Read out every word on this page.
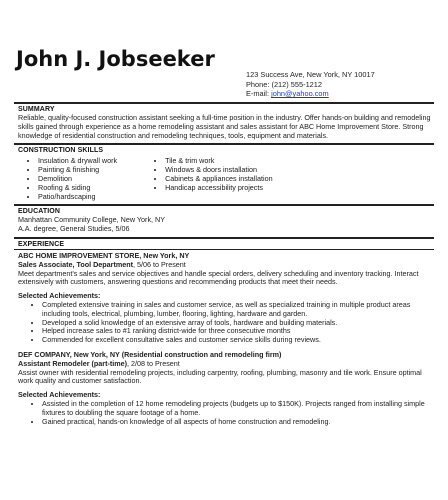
John J. Jobseeker
123 Success Ave, New York, NY 10017
Phone: (212) 555-1212
E-mail: john@yahoo.com
SUMMARY

Reliable, quality-focused construction assistant seeking a full-time position in the industry. Offer hands-on building and remodeling skills gained through experience as a home remodeling assistant and sales assistant for ABC Home Improvement Store. Strong knowledge of residential construction and remodeling techniques, tools, equipment and materials.

CONSTRUCTION SKILLS
• Insulation & drywall work
• Painting & finishing
• Demolition
• Roofing & siding
• Patio/hardscaping
• Tile & trim work
• Windows & doors installation
• Cabinets & appliances installation
• Handicap accessibility projects
EDUCATION
Manhattan Community College, New York, NY
A.A. degree, General Studies, 5/06
EXPERIENCE
ABC HOME IMPROVEMENT STORE, New York, NY
Sales Associate, Tool Department, 5/06 to Present

Meet department's sales and service objectives and handle special orders, delivery scheduling and inventory tracking. Interact extensively with customers, answering questions and recommending products that meet their needs.

Selected Achievements:
• Completed extensive training in sales and customer service, as well as specialized training in multiple product areas including tools, electrical, plumbing, lumber, flooring, lighting, hardware and garden.
• Developed a solid knowledge of an extensive array of tools, hardware and building materials.
• Helped increase sales to #1 ranking district-wide for three consecutive months
• Commended for excellent consultative sales and customer service skills during reviews.
DEF COMPANY, New York, NY (Residential construction and remodeling firm)
Assistant Remodeler (part-time), 2/08 to Present

Assist owner with residential remodeling projects, including carpentry, roofing, plumbing, masonry and tile work. Ensure optimal work quality and customer satisfaction.

Selected Achievements:
• Assisted in the completion of 12 home remodeling projects (budgets up to $150K). Projects ranged from installing simple fixtures to doubling the square footage of a home.
• Gained practical, hands-on knowledge of all aspects of home construction and remodeling.
